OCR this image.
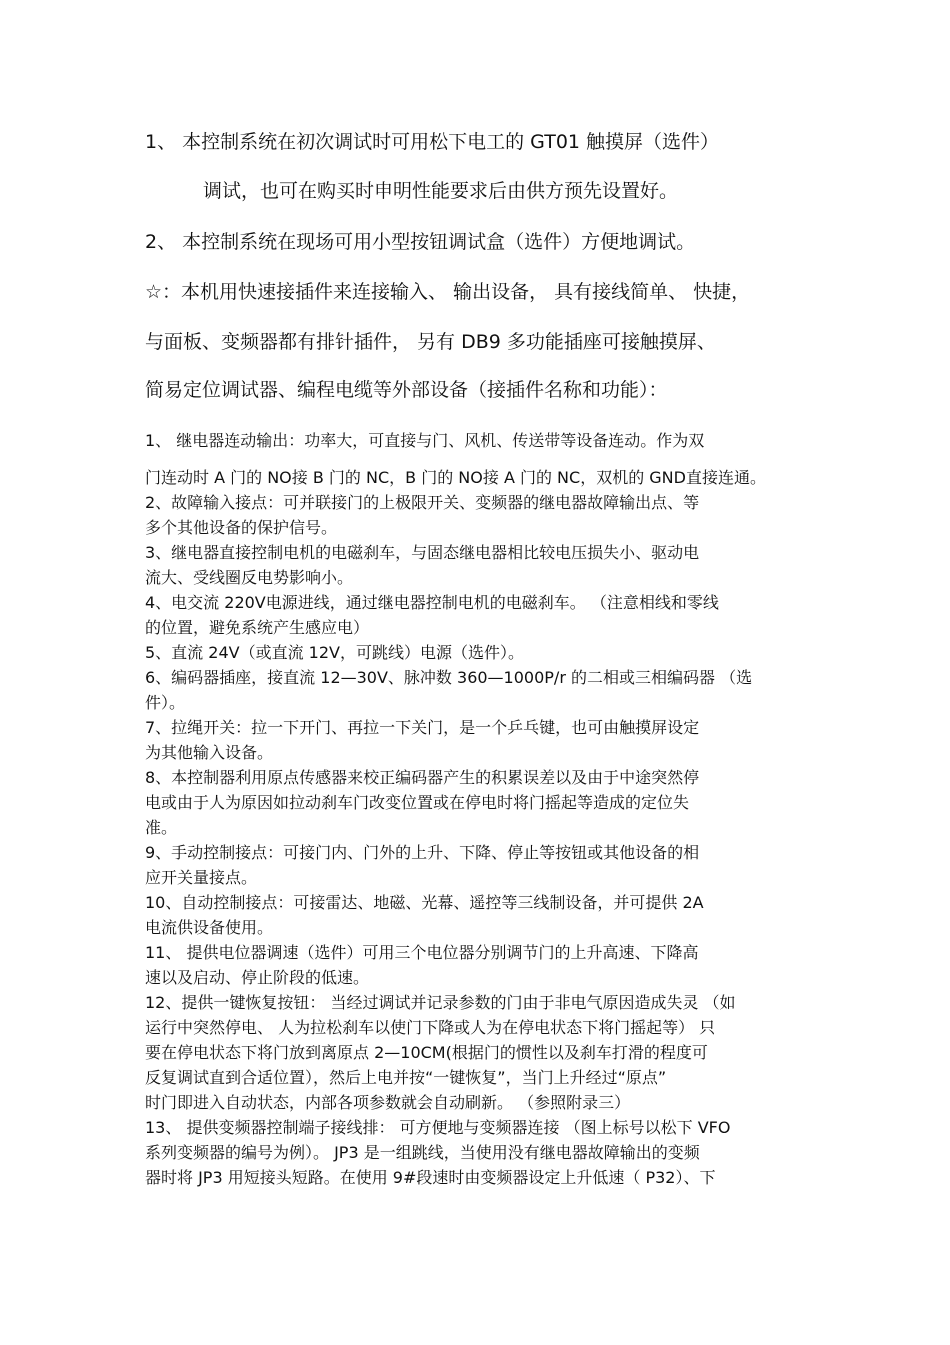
1、 本控制系统在初次调试时可用松下电工的 GT01 触摸屏（选件）
调试，也可在购买时申明性能要求后由供方预先设置好。
2、 本控制系统在现场可用小型按钮调试盒（选件）方便地调试。
☆：本机用快速接插件来连接输入、 输出设备， 具有接线简单、 快捷，
与面板、变频器都有排针插件， 另有 DB9 多功能插座可接触摸屏、
简易定位调试器、编程电缆等外部设备（接插件名称和功能）：
1、 继电器连动输出：功率大，可直接与门、风机、传送带等设备连动。作为双
门连动时 A 门的 NO接 B 门的 NC，B 门的 NO接 A 门的 NC，双机的 GND直接连通。
2、故障输入接点：可并联接门的上极限开关、变频器的继电器故障输出点、等
多个其他设备的保护信号。
3、继电器直接控制电机的电磁刹车，与固态继电器相比较电压损失小、驱动电
流大、受线圈反电势影响小。
4、电交流 220V电源进线，通过继电器控制电机的电磁刹车。 （注意相线和零线
的位置，避免系统产生感应电）
5、直流 24V（或直流 12V，可跳线）电源（选件）。
6、编码器插座，接直流 12—30V、脉冲数 360—1000P/r 的二相或三相编码器 （选
件）。
7、拉绳开关：拉一下开门、再拉一下关门，是一个乒乓键，也可由触摸屏设定
为其他输入设备。
8、本控制器利用原点传感器来校正编码器产生的积累误差以及由于中途突然停
电或由于人为原因如拉动刹车门改变位置或在停电时将门摇起等造成的定位失
准。
9、手动控制接点：可接门内、门外的上升、下降、停止等按钮或其他设备的相
应开关量接点。
10、自动控制接点：可接雷达、地磁、光幕、遥控等三线制设备，并可提供 2A
电流供设备使用。
11、 提供电位器调速（选件）可用三个电位器分别调节门的上升高速、下降高
速以及启动、停止阶段的低速。
12、提供一键恢复按钮： 当经过调试并记录参数的门由于非电气原因造成失灵 （如
运行中突然停电、 人为拉松刹车以使门下降或人为在停电状态下将门摇起等） 只
要在停电状态下将门放到离原点 2—10CM(根据门的惯性以及刹车打滑的程度可
反复调试直到合适位置），然后上电并按“一键恢复”，当门上升经过“原点”
时门即进入自动状态，内部各项参数就会自动刷新。 （参照附录三）
13、 提供变频器控制端子接线排： 可方便地与变频器连接 （图上标号以松下 VFO
系列变频器的编号为例）。 JP3 是一组跳线，当使用没有继电器故障输出的变频
器时将 JP3 用短接头短路。在使用 9#段速时由变频器设定上升低速（ P32）、下
